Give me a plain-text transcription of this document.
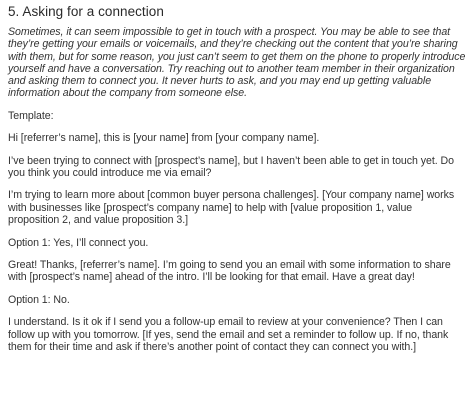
5. Asking for a connection

Sometimes, it can seem impossible to get in touch with a prospect. You may be able to see that they’re getting your emails or voicemails, and they’re checking out the content that you’re sharing with them, but for some reason, you just can’t seem to get them on the phone to properly introduce yourself and have a conversation. Try reaching out to another team member in their organization and asking them to connect you. It never hurts to ask, and you may end up getting valuable information about the company from someone else.

Template:

Hi [referrer’s name], this is [your name] from [your company name].

I’ve been trying to connect with [prospect’s name], but I haven’t been able to get in touch yet. Do you think you could introduce me via email?

I’m trying to learn more about [common buyer persona challenges]. [Your company name] works with businesses like [prospect’s company name] to help with [value proposition 1, value proposition 2, and value proposition 3.]

Option 1: Yes, I’ll connect you.

Great! Thanks, [referrer’s name]. I’m going to send you an email with some information to share with [prospect’s name] ahead of the intro. I’ll be looking for that email. Have a great day!

Option 1: No.

I understand. Is it ok if I send you a follow-up email to review at your convenience? Then I can follow up with you tomorrow. [If yes, send the email and set a reminder to follow up. If no, thank them for their time and ask if there’s another point of contact they can connect you with.]
